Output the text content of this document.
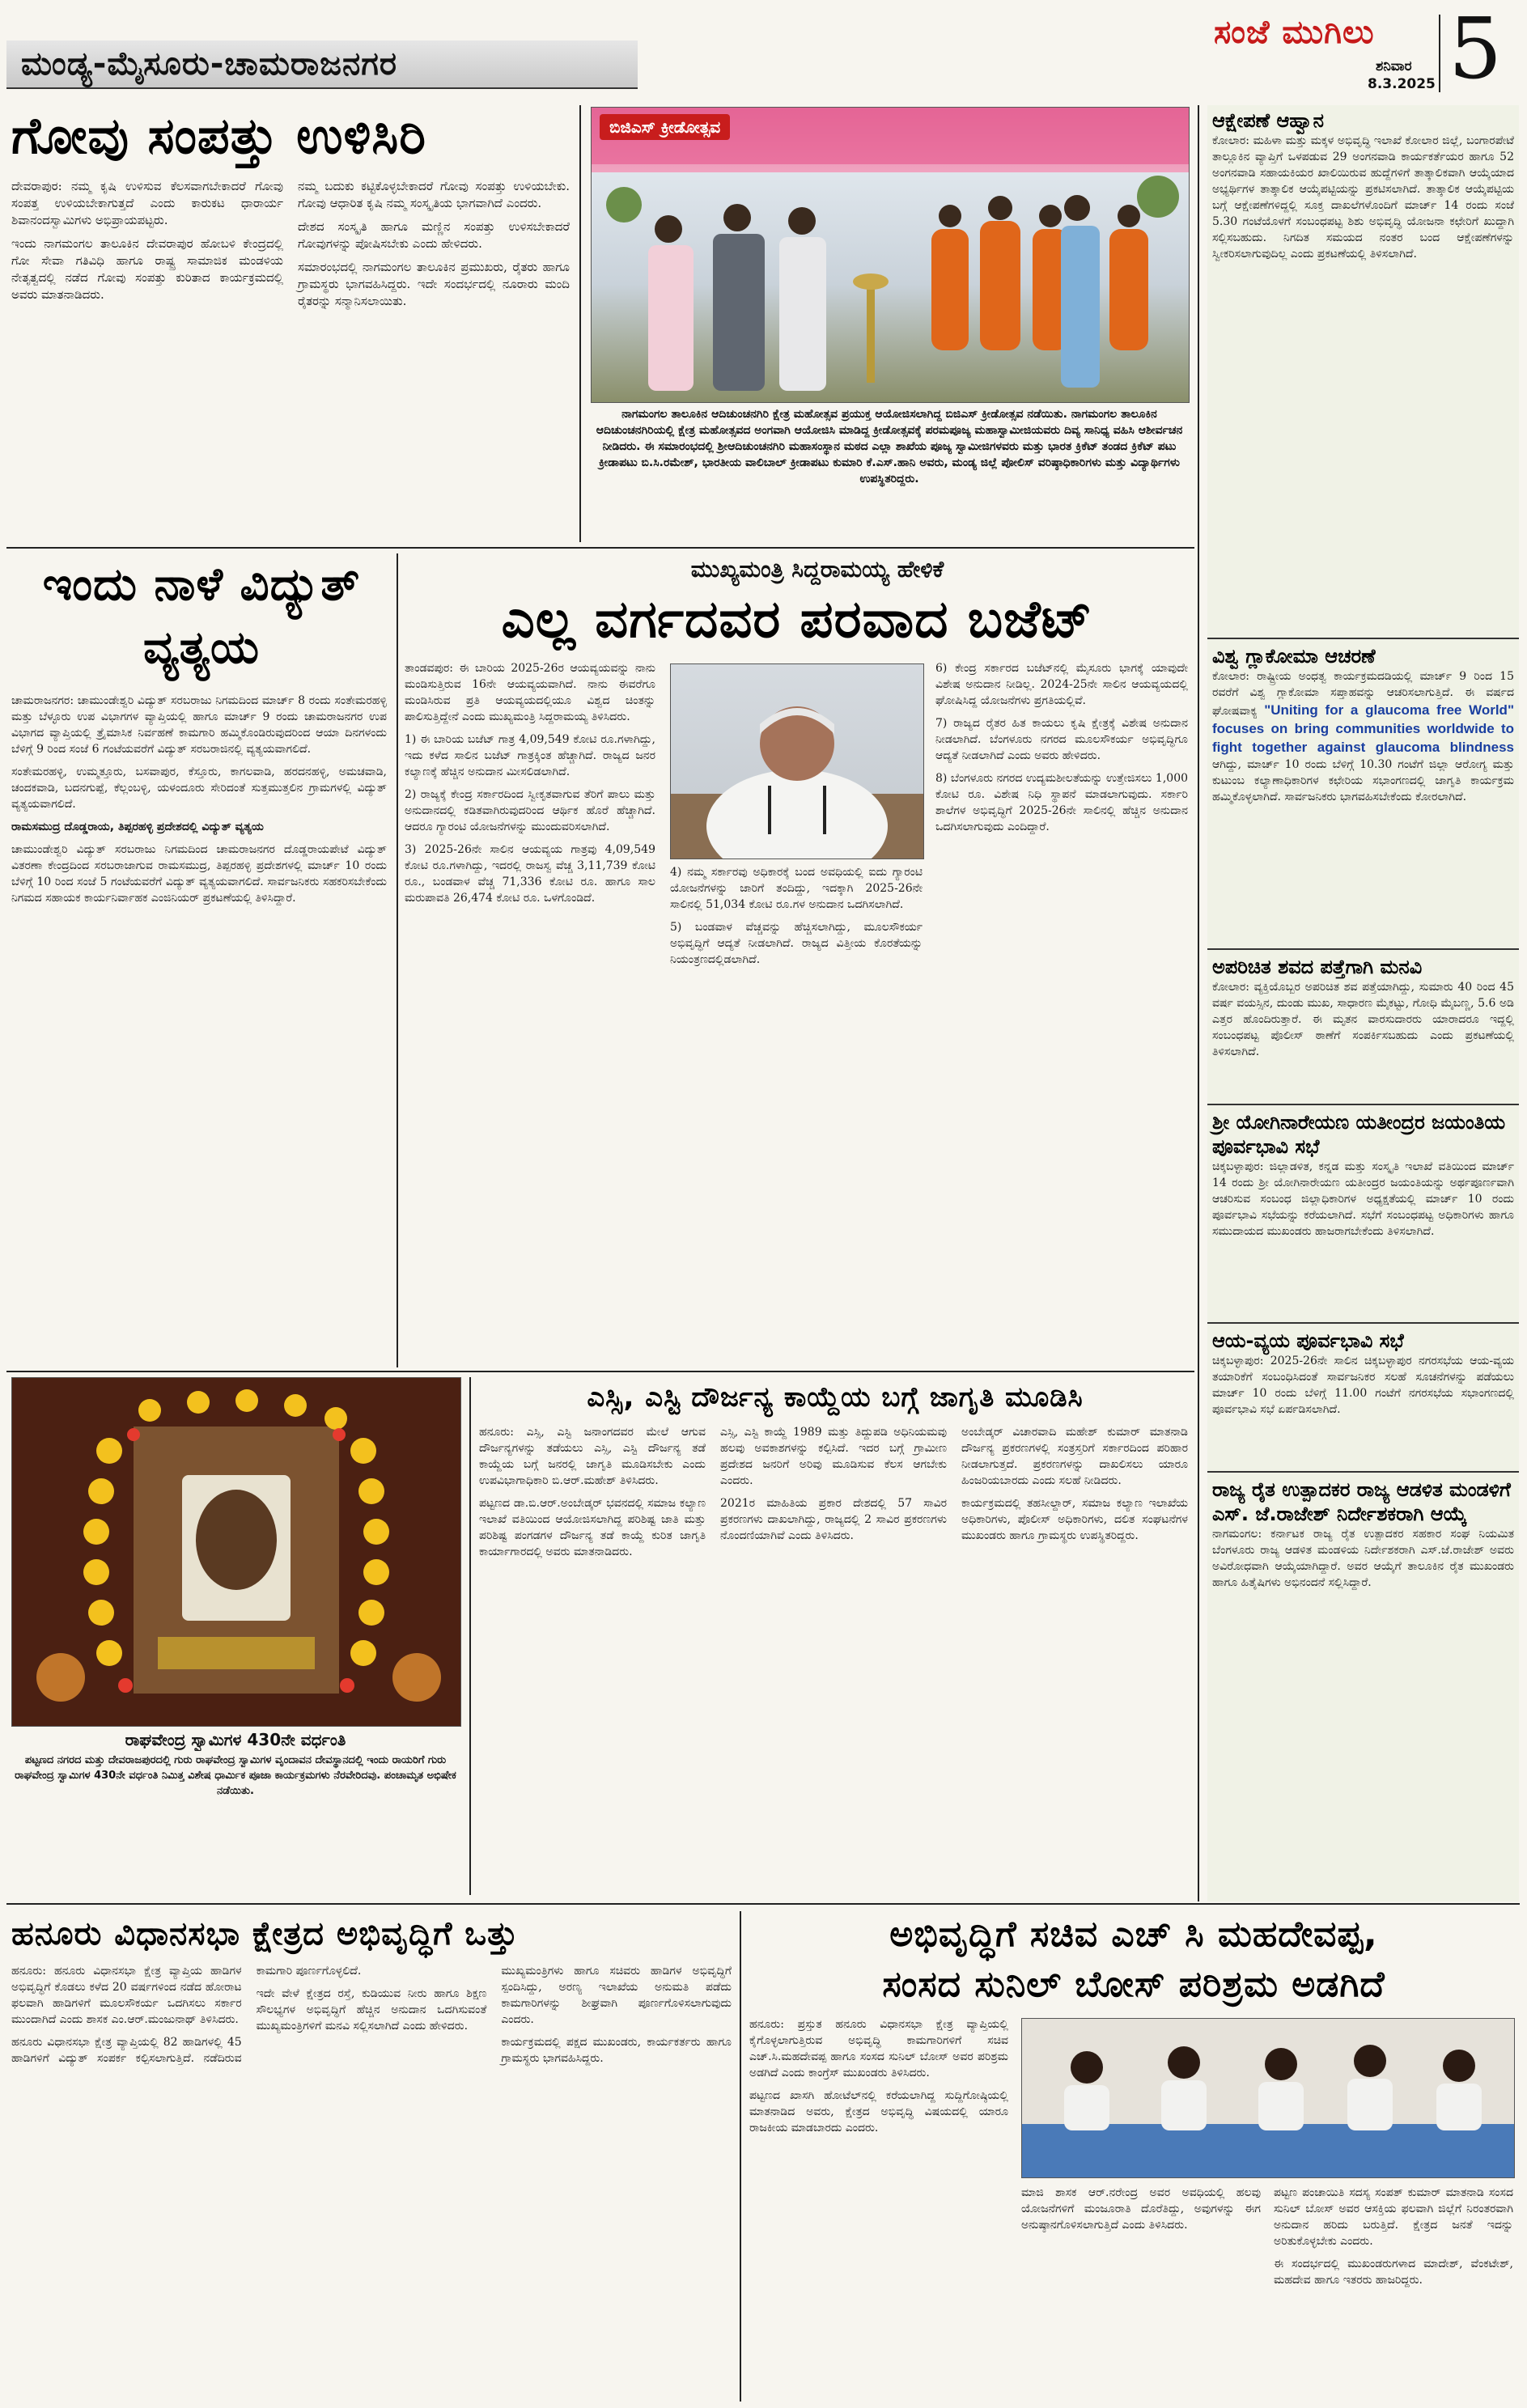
ಮಂಡ್ಯ-ಮೈಸೂರು-ಚಾಮರಾಜನಗರ
ಸಂಜೆ ಮುಗಿಲು
ಶನಿವಾರ
8.3.2025 5
ಗೋವು ಸಂಪತ್ತು ಉಳಿಸಿರಿ

ದೇವರಾಪುರ: ನಮ್ಮ ಕೃಷಿ ಉಳಿಸುವ ಕೆಲಸವಾಗಬೇಕಾದರೆ ಗೋವು ಸಂಪತ್ತ ಉಳಿಯಬೇಕಾಗುತ್ತದೆ ಎಂದು ಕಾರುಕಟ ಧಾರಾರ್ಯ ಶಿವಾನಂದಸ್ವಾಮಿಗಳು ಅಭಿಪ್ರಾಯಪಟ್ಟರು.

ಇಂದು ನಾಗಮಂಗಲ ತಾಲೂಕಿನ ದೇವರಾಪುರ ಹೋಬಳಿ ಕೇಂದ್ರದಲ್ಲಿ ಗೋ ಸೇವಾ ಗತಿವಿಧಿ ಹಾಗೂ ರಾಷ್ಟ್ರ ಸಾಮಾಜಿಕ ಮಂಡಳಿಯ ನೇತೃತ್ವದಲ್ಲಿ ನಡೆದ ಗೋವು ಸಂಪತ್ತು ಕುರಿತಾದ ಕಾರ್ಯಕ್ರಮದಲ್ಲಿ ಅವರು ಮಾತನಾಡಿದರು.

ನಮ್ಮ ಬದುಕು ಕಟ್ಟಿಕೊಳ್ಳಬೇಕಾದರೆ ಗೋವು ಸಂಪತ್ತು ಉಳಿಯಬೇಕು. ಗೋವು ಆಧಾರಿತ ಕೃಷಿ ನಮ್ಮ ಸಂಸ್ಕೃತಿಯ ಭಾಗವಾಗಿದೆ ಎಂದರು.

ದೇಶದ ಸಂಸ್ಕೃತಿ ಹಾಗೂ ಮಣ್ಣಿನ ಸಂಪತ್ತು ಉಳಿಸಬೇಕಾದರೆ ಗೋವುಗಳನ್ನು ಪೋಷಿಸಬೇಕು ಎಂದು ಹೇಳಿದರು.

ಸಮಾರಂಭದಲ್ಲಿ ನಾಗಮಂಗಲ ತಾಲೂಕಿನ ಪ್ರಮುಖರು, ರೈತರು ಹಾಗೂ ಗ್ರಾಮಸ್ಥರು ಭಾಗವಹಿಸಿದ್ದರು. ಇದೇ ಸಂದರ್ಭದಲ್ಲಿ ನೂರಾರು ಮಂದಿ ರೈತರನ್ನು ಸನ್ಮಾನಿಸಲಾಯಿತು.

ಬಿಜಿಎಸ್ ಕ್ರೀಡೋತ್ಸವ
ನಾಗಮಂಗಲ ತಾಲೂಕಿನ ಆದಿಚುಂಚನಗಿರಿ ಕ್ಷೇತ್ರ ಮಹೋತ್ಸವ ಪ್ರಯುಕ್ತ ಆಯೋಜಿಸಲಾಗಿದ್ದ ಬಿಜಿಎಸ್ ಕ್ರೀಡೋತ್ಸವ ನಡೆಯಿತು. ನಾಗಮಂಗಲ ತಾಲೂಕಿನ ಆದಿಚುಂಚನಗಿರಿಯಲ್ಲಿ ಕ್ಷೇತ್ರ ಮಹೋತ್ಸವದ ಅಂಗವಾಗಿ ಆಯೋಜಿಸಿ ಮಾಡಿದ್ದ ಕ್ರೀಡೋತ್ಸವಕ್ಕೆ ಪರಮಪೂಜ್ಯ ಮಹಾಸ್ವಾಮೀಜಿಯವರು ದಿವ್ಯ ಸಾನಿಧ್ಯ ವಹಿಸಿ ಆಶೀರ್ವಚನ ನೀಡಿದರು. ಈ ಸಮಾರಂಭದಲ್ಲಿ ಶ್ರೀಆದಿಚುಂಚನಗಿರಿ ಮಹಾಸಂಸ್ಥಾನ ಮಠದ ಎಲ್ಲಾ ಶಾಖೆಯ ಪೂಜ್ಯ ಸ್ವಾಮೀಜಿಗಳವರು ಮತ್ತು ಭಾರತ ಕ್ರಿಕೆಟ್ ತಂಡದ ಕ್ರಿಕೆಟ್ ಪಟು ಕ್ರೀಡಾಪಟು ಬಿ.ಸಿ.ರಮೇಶ್, ಭಾರತೀಯ ವಾಲಿಬಾಲ್ ಕ್ರೀಡಾಪಟು ಕುಮಾರಿ ಕೆ.ಎಸ್.ಹಾನಿ ಅವರು, ಮಂಡ್ಯ ಜಿಲ್ಲೆ ಪೋಲಿಸ್ ವರಿಷ್ಠಾಧಿಕಾರಿಗಳು ಮತ್ತು ವಿದ್ಯಾರ್ಥಿಗಳು ಉಪಸ್ಥಿತರಿದ್ದರು.
ಆಕ್ಷೇಪಣೆ ಆಹ್ವಾನ
ಕೋಲಾರ: ಮಹಿಳಾ ಮತ್ತು ಮಕ್ಕಳ ಅಭಿವೃದ್ಧಿ ಇಲಾಖೆ ಕೋಲಾರ ಜಿಲ್ಲೆ, ಬಂಗಾರಪೇಟೆ ತಾಲ್ಲೂಕಿನ ವ್ಯಾಪ್ತಿಗೆ ಒಳಪಡುವ 29 ಅಂಗನವಾಡಿ ಕಾರ್ಯಕರ್ತೆಯರ ಹಾಗೂ 52 ಅಂಗನವಾಡಿ ಸಹಾಯಕಿಯರ ಖಾಲಿಯಿರುವ ಹುದ್ದೆಗಳಿಗೆ ತಾತ್ಕಾಲಿಕವಾಗಿ ಆಯ್ಕೆಯಾದ ಅಭ್ಯರ್ಥಿಗಳ ತಾತ್ಕಾಲಿಕ ಆಯ್ಕೆಪಟ್ಟಿಯನ್ನು ಪ್ರಕಟಿಸಲಾಗಿದೆ. ತಾತ್ಕಾಲಿಕ ಆಯ್ಕೆಪಟ್ಟಿಯ ಬಗ್ಗೆ ಆಕ್ಷೇಪಣೆಗಳಿದ್ದಲ್ಲಿ ಸೂಕ್ತ ದಾಖಲೆಗಳೊಂದಿಗೆ ಮಾರ್ಚ್ 14 ರಂದು ಸಂಜೆ 5.30 ಗಂಟೆಯೊಳಗೆ ಸಂಬಂಧಪಟ್ಟ ಶಿಶು ಅಭಿವೃದ್ಧಿ ಯೋಜನಾ ಕಛೇರಿಗೆ ಖುದ್ದಾಗಿ ಸಲ್ಲಿಸಬಹುದು. ನಿಗದಿತ ಸಮಯದ ನಂತರ ಬಂದ ಆಕ್ಷೇಪಣೆಗಳನ್ನು ಸ್ವೀಕರಿಸಲಾಗುವುದಿಲ್ಲ ಎಂದು ಪ್ರಕಟಣೆಯಲ್ಲಿ ತಿಳಿಸಲಾಗಿದೆ.
ವಿಶ್ವ ಗ್ಲಾಕೋಮಾ ಆಚರಣೆ
ಕೋಲಾರ: ರಾಷ್ಟ್ರೀಯ ಅಂಧತ್ವ ಕಾರ್ಯಕ್ರಮದಡಿಯಲ್ಲಿ ಮಾರ್ಚ್ 9 ರಿಂದ 15 ರವರೆಗೆ ವಿಶ್ವ ಗ್ಲಾಕೋಮಾ ಸಪ್ತಾಹವನ್ನು ಆಚರಿಸಲಾಗುತ್ತಿದೆ. ಈ ವರ್ಷದ ಘೋಷವಾಕ್ಯ "Uniting for a glaucoma free World" focuses on bring communities worldwide to fight together against glaucoma blindness ಆಗಿದ್ದು, ಮಾರ್ಚ್ 10 ರಂದು ಬೆಳಿಗ್ಗೆ 10.30 ಗಂಟೆಗೆ ಜಿಲ್ಲಾ ಆರೋಗ್ಯ ಮತ್ತು ಕುಟುಂಬ ಕಲ್ಯಾಣಾಧಿಕಾರಿಗಳ ಕಛೇರಿಯ ಸಭಾಂಗಣದಲ್ಲಿ ಜಾಗೃತಿ ಕಾರ್ಯಕ್ರಮ ಹಮ್ಮಿಕೊಳ್ಳಲಾಗಿದೆ. ಸಾರ್ವಜನಿಕರು ಭಾಗವಹಿಸಬೇಕೆಂದು ಕೋರಲಾಗಿದೆ.
ಅಪರಿಚಿತ ಶವದ ಪತ್ತೆಗಾಗಿ ಮನವಿ
ಕೋಲಾರ: ವ್ಯಕ್ತಿಯೊಬ್ಬರ ಅಪರಿಚಿತ ಶವ ಪತ್ತೆಯಾಗಿದ್ದು, ಸುಮಾರು 40 ರಿಂದ 45 ವರ್ಷ ವಯಸ್ಸಿನ, ದುಂಡು ಮುಖ, ಸಾಧಾರಣ ಮೈಕಟ್ಟು, ಗೋಧಿ ಮೈಬಣ್ಣ, 5.6 ಅಡಿ ಎತ್ತರ ಹೊಂದಿರುತ್ತಾರೆ. ಈ ಮೃತನ ವಾರಸುದಾರರು ಯಾರಾದರೂ ಇದ್ದಲ್ಲಿ ಸಂಬಂಧಪಟ್ಟ ಪೊಲೀಸ್ ಠಾಣೆಗೆ ಸಂಪರ್ಕಿಸಬಹುದು ಎಂದು ಪ್ರಕಟಣೆಯಲ್ಲಿ ತಿಳಿಸಲಾಗಿದೆ.
ಶ್ರೀ ಯೋಗಿನಾರೇಯಣ ಯತೀಂದ್ರರ ಜಯಂತಿಯ ಪೂರ್ವಭಾವಿ ಸಭೆ
ಚಿಕ್ಕಬಳ್ಳಾಪುರ: ಜಿಲ್ಲಾಡಳಿತ, ಕನ್ನಡ ಮತ್ತು ಸಂಸ್ಕೃತಿ ಇಲಾಖೆ ವತಿಯಿಂದ ಮಾರ್ಚ್ 14 ರಂದು ಶ್ರೀ ಯೋಗಿನಾರೇಯಣ ಯತೀಂದ್ರರ ಜಯಂತಿಯನ್ನು ಅರ್ಥಪೂರ್ಣವಾಗಿ ಆಚರಿಸುವ ಸಂಬಂಧ ಜಿಲ್ಲಾಧಿಕಾರಿಗಳ ಅಧ್ಯಕ್ಷತೆಯಲ್ಲಿ ಮಾರ್ಚ್ 10 ರಂದು ಪೂರ್ವಭಾವಿ ಸಭೆಯನ್ನು ಕರೆಯಲಾಗಿದೆ. ಸಭೆಗೆ ಸಂಬಂಧಪಟ್ಟ ಅಧಿಕಾರಿಗಳು ಹಾಗೂ ಸಮುದಾಯದ ಮುಖಂಡರು ಹಾಜರಾಗಬೇಕೆಂದು ತಿಳಿಸಲಾಗಿದೆ.
ಆಯ-ವ್ಯಯ ಪೂರ್ವಭಾವಿ ಸಭೆ
ಚಿಕ್ಕಬಳ್ಳಾಪುರ: 2025-26ನೇ ಸಾಲಿನ ಚಿಕ್ಕಬಳ್ಳಾಪುರ ನಗರಸಭೆಯ ಆಯ-ವ್ಯಯ ತಯಾರಿಕೆಗೆ ಸಂಬಂಧಿಸಿದಂತೆ ಸಾರ್ವಜನಿಕರ ಸಲಹೆ ಸೂಚನೆಗಳನ್ನು ಪಡೆಯಲು ಮಾರ್ಚ್ 10 ರಂದು ಬೆಳಿಗ್ಗೆ 11.00 ಗಂಟೆಗೆ ನಗರಸಭೆಯ ಸಭಾಂಗಣದಲ್ಲಿ ಪೂರ್ವಭಾವಿ ಸಭೆ ಏರ್ಪಡಿಸಲಾಗಿದೆ.
ರಾಜ್ಯ ರೈತ ಉತ್ಪಾದಕರ ರಾಜ್ಯ ಆಡಳಿತ ಮಂಡಳಿಗೆ ಎಸ್. ಜೆ.ರಾಜೇಶ್ ನಿರ್ದೇಶಕರಾಗಿ ಆಯ್ಕೆ
ನಾಗಮಂಗಲ: ಕರ್ನಾಟಕ ರಾಜ್ಯ ರೈತ ಉತ್ಪಾದಕರ ಸಹಕಾರ ಸಂಘ ನಿಯಮಿತ ಬೆಂಗಳೂರು ರಾಜ್ಯ ಆಡಳಿತ ಮಂಡಳಿಯ ನಿರ್ದೇಶಕರಾಗಿ ಎಸ್.ಜೆ.ರಾಜೇಶ್ ಅವರು ಅವಿರೋಧವಾಗಿ ಆಯ್ಕೆಯಾಗಿದ್ದಾರೆ. ಅವರ ಆಯ್ಕೆಗೆ ತಾಲೂಕಿನ ರೈತ ಮುಖಂಡರು ಹಾಗೂ ಹಿತೈಷಿಗಳು ಅಭಿನಂದನೆ ಸಲ್ಲಿಸಿದ್ದಾರೆ.
ಇಂದು ನಾಳೆ ವಿದ್ಯುತ್ ವ್ಯತ್ಯಯ

ಚಾಮರಾಜನಗರ: ಚಾಮುಂಡೇಶ್ವರಿ ವಿದ್ಯುತ್ ಸರಬರಾಜು ನಿಗಮದಿಂದ ಮಾರ್ಚ್ 8 ರಂದು ಸಂತೇಮರಹಳ್ಳಿ ಮತ್ತು ಬೆಳ್ಳೂರು ಉಪ ವಿಭಾಗಗಳ ವ್ಯಾಪ್ತಿಯಲ್ಲಿ ಹಾಗೂ ಮಾರ್ಚ್ 9 ರಂದು ಚಾಮರಾಜನಗರ ಉಪ ವಿಭಾಗದ ವ್ಯಾಪ್ತಿಯಲ್ಲಿ ತ್ರೈಮಾಸಿಕ ನಿರ್ವಹಣೆ ಕಾಮಗಾರಿ ಹಮ್ಮಿಕೊಂಡಿರುವುದರಿಂದ ಆಯಾ ದಿನಗಳಂದು ಬೆಳಿಗ್ಗೆ 9 ರಿಂದ ಸಂಜೆ 6 ಗಂಟೆಯವರೆಗೆ ವಿದ್ಯುತ್ ಸರಬರಾಜಿನಲ್ಲಿ ವ್ಯತ್ಯಯವಾಗಲಿದೆ.

ಸಂತೇಮರಹಳ್ಳಿ, ಉಮ್ಮತ್ತೂರು, ಬಸವಾಪುರ, ಕೆಸ್ತೂರು, ಕಾಗಲವಾಡಿ, ಹರದನಹಳ್ಳಿ, ಅಮಚವಾಡಿ, ಚಂದಕವಾಡಿ, ಬದನಗುಪ್ಪೆ, ಕೆಲ್ಲಂಬಳ್ಳಿ, ಯಳಂದೂರು ಸೇರಿದಂತೆ ಸುತ್ತಮುತ್ತಲಿನ ಗ್ರಾಮಗಳಲ್ಲಿ ವಿದ್ಯುತ್ ವ್ಯತ್ಯಯವಾಗಲಿದೆ.

ರಾಮಸಮುದ್ರ ದೊಡ್ಡರಾಯ, ತಿಪ್ಪರಹಳ್ಳಿ ಪ್ರದೇಶದಲ್ಲಿ ವಿದ್ಯುತ್ ವ್ಯತ್ಯಯ

ಚಾಮುಂಡೇಶ್ವರಿ ವಿದ್ಯುತ್ ಸರಬರಾಜು ನಿಗಮದಿಂದ ಚಾಮರಾಜನಗರ ದೊಡ್ಡರಾಯಪೇಟೆ ವಿದ್ಯುತ್ ವಿತರಣಾ ಕೇಂದ್ರದಿಂದ ಸರಬರಾಜಾಗುವ ರಾಮಸಮುದ್ರ, ತಿಪ್ಪರಹಳ್ಳಿ ಪ್ರದೇಶಗಳಲ್ಲಿ ಮಾರ್ಚ್ 10 ರಂದು ಬೆಳಿಗ್ಗೆ 10 ರಿಂದ ಸಂಜೆ 5 ಗಂಟೆಯವರೆಗೆ ವಿದ್ಯುತ್ ವ್ಯತ್ಯಯವಾಗಲಿದೆ. ಸಾರ್ವಜನಿಕರು ಸಹಕರಿಸಬೇಕೆಂದು ನಿಗಮದ ಸಹಾಯಕ ಕಾರ್ಯನಿರ್ವಾಹಕ ಎಂಜಿನಿಯರ್ ಪ್ರಕಟಣೆಯಲ್ಲಿ ತಿಳಿಸಿದ್ದಾರೆ.

ಮುಖ್ಯಮಂತ್ರಿ ಸಿದ್ದರಾಮಯ್ಯ ಹೇಳಿಕೆ
ಎಲ್ಲ ವರ್ಗದವರ ಪರವಾದ ಬಜೆಟ್

ತಾಂಡವಪುರ: ಈ ಬಾರಿಯ 2025-26ರ ಆಯವ್ಯಯವನ್ನು ನಾನು ಮಂಡಿಸುತ್ತಿರುವ 16ನೇ ಆಯವ್ಯಯವಾಗಿದೆ. ನಾನು ಈವರೆಗೂ ಮಂಡಿಸಿರುವ ಪ್ರತಿ ಆಯವ್ಯಯದಲ್ಲಿಯೂ ವಿಶ್ವದ ಚಿಂತನ್ನು ಪಾಲಿಸುತ್ತಿದ್ದೇನೆ ಎಂದು ಮುಖ್ಯಮಂತ್ರಿ ಸಿದ್ದರಾಮಯ್ಯ ತಿಳಿಸಿದರು.

1) ಈ ಬಾರಿಯ ಬಜೆಟ್ ಗಾತ್ರ 4,09,549 ಕೋಟಿ ರೂ.ಗಳಾಗಿದ್ದು, ಇದು ಕಳೆದ ಸಾಲಿನ ಬಜೆಟ್ ಗಾತ್ರಕ್ಕಿಂತ ಹೆಚ್ಚಾಗಿದೆ. ರಾಜ್ಯದ ಜನರ ಕಲ್ಯಾಣಕ್ಕೆ ಹೆಚ್ಚಿನ ಅನುದಾನ ಮೀಸಲಿಡಲಾಗಿದೆ.

2) ರಾಜ್ಯಕ್ಕೆ ಕೇಂದ್ರ ಸರ್ಕಾರದಿಂದ ಸ್ವೀಕೃತವಾಗುವ ತೆರಿಗೆ ಪಾಲು ಮತ್ತು ಅನುದಾನದಲ್ಲಿ ಕಡಿತವಾಗಿರುವುದರಿಂದ ಆರ್ಥಿಕ ಹೊರೆ ಹೆಚ್ಚಾಗಿದೆ. ಆದರೂ ಗ್ಯಾರಂಟಿ ಯೋಜನೆಗಳನ್ನು ಮುಂದುವರಿಸಲಾಗಿದೆ.

3) 2025-26ನೇ ಸಾಲಿನ ಆಯವ್ಯಯ ಗಾತ್ರವು 4,09,549 ಕೋಟಿ ರೂ.ಗಳಾಗಿದ್ದು, ಇದರಲ್ಲಿ ರಾಜಸ್ವ ವೆಚ್ಚ 3,11,739 ಕೋಟಿ ರೂ., ಬಂಡವಾಳ ವೆಚ್ಚ 71,336 ಕೋಟಿ ರೂ. ಹಾಗೂ ಸಾಲ ಮರುಪಾವತಿ 26,474 ಕೋಟಿ ರೂ. ಒಳಗೊಂಡಿದೆ.

4) ನಮ್ಮ ಸರ್ಕಾರವು ಅಧಿಕಾರಕ್ಕೆ ಬಂದ ಅವಧಿಯಲ್ಲಿ ಐದು ಗ್ಯಾರಂಟಿ ಯೋಜನೆಗಳನ್ನು ಜಾರಿಗೆ ತಂದಿದ್ದು, ಇದಕ್ಕಾಗಿ 2025-26ನೇ ಸಾಲಿನಲ್ಲಿ 51,034 ಕೋಟಿ ರೂ.ಗಳ ಅನುದಾನ ಒದಗಿಸಲಾಗಿದೆ.

5) ಬಂಡವಾಳ ವೆಚ್ಚವನ್ನು ಹೆಚ್ಚಿಸಲಾಗಿದ್ದು, ಮೂಲಸೌಕರ್ಯ ಅಭಿವೃದ್ಧಿಗೆ ಆದ್ಯತೆ ನೀಡಲಾಗಿದೆ. ರಾಜ್ಯದ ವಿತ್ತೀಯ ಕೊರತೆಯನ್ನು ನಿಯಂತ್ರಣದಲ್ಲಿಡಲಾಗಿದೆ.

6) ಕೇಂದ್ರ ಸರ್ಕಾರದ ಬಜೆಟ್‌ನಲ್ಲಿ ಮೈಸೂರು ಭಾಗಕ್ಕೆ ಯಾವುದೇ ವಿಶೇಷ ಅನುದಾನ ನೀಡಿಲ್ಲ. 2024-25ನೇ ಸಾಲಿನ ಆಯವ್ಯಯದಲ್ಲಿ ಘೋಷಿಸಿದ್ದ ಯೋಜನೆಗಳು ಪ್ರಗತಿಯಲ್ಲಿವೆ.

7) ರಾಜ್ಯದ ರೈತರ ಹಿತ ಕಾಯಲು ಕೃಷಿ ಕ್ಷೇತ್ರಕ್ಕೆ ವಿಶೇಷ ಅನುದಾನ ನೀಡಲಾಗಿದೆ. ಬೆಂಗಳೂರು ನಗರದ ಮೂಲಸೌಕರ್ಯ ಅಭಿವೃದ್ಧಿಗೂ ಆದ್ಯತೆ ನೀಡಲಾಗಿದೆ ಎಂದು ಅವರು ಹೇಳಿದರು.

8) ಬೆಂಗಳೂರು ನಗರದ ಉದ್ಯಮಶೀಲತೆಯನ್ನು ಉತ್ತೇಜಿಸಲು 1,000 ಕೋಟಿ ರೂ. ವಿಶೇಷ ನಿಧಿ ಸ್ಥಾಪನೆ ಮಾಡಲಾಗುವುದು. ಸರ್ಕಾರಿ ಶಾಲೆಗಳ ಅಭಿವೃದ್ಧಿಗೆ 2025-26ನೇ ಸಾಲಿನಲ್ಲಿ ಹೆಚ್ಚಿನ ಅನುದಾನ ಒದಗಿಸಲಾಗುವುದು ಎಂದಿದ್ದಾರೆ.

ರಾಘವೇಂದ್ರ ಸ್ವಾಮಿಗಳ 430ನೇ ವರ್ಧಂತಿ
ಪಟ್ಟಣದ ನಗರದ ಮತ್ತು ದೇವರಾಜಪುರದಲ್ಲಿ ಗುರು ರಾಘವೇಂದ್ರ ಸ್ವಾಮಿಗಳ ವೃಂದಾವನ ದೇವಸ್ಥಾನದಲ್ಲಿ ಇಂದು ರಾಯರಿಗೆ ಗುರು ರಾಘವೇಂದ್ರ ಸ್ವಾಮಿಗಳ 430ನೇ ವರ್ಧಂತಿ ನಿಮಿತ್ತ ವಿಶೇಷ ಧಾರ್ಮಿಕ ಪೂಜಾ ಕಾರ್ಯಕ್ರಮಗಳು ನೆರವೇರಿದವು. ಪಂಚಾಮೃತ ಅಭಿಷೇಕ ನಡೆಯಿತು.
ಎಸ್ಸಿ, ಎಸ್ಟಿ ದೌರ್ಜನ್ಯ ಕಾಯ್ದೆಯ ಬಗ್ಗೆ ಜಾಗೃತಿ ಮೂಡಿಸಿ

ಹನೂರು: ಎಸ್ಸಿ, ಎಸ್ಟಿ ಜನಾಂಗದವರ ಮೇಲೆ ಆಗುವ ದೌರ್ಜನ್ಯಗಳನ್ನು ತಡೆಯಲು ಎಸ್ಸಿ, ಎಸ್ಟಿ ದೌರ್ಜನ್ಯ ತಡೆ ಕಾಯ್ದೆಯ ಬಗ್ಗೆ ಜನರಲ್ಲಿ ಜಾಗೃತಿ ಮೂಡಿಸಬೇಕು ಎಂದು ಉಪವಿಭಾಗಾಧಿಕಾರಿ ಬಿ.ಆರ್.ಮಹೇಶ್ ತಿಳಿಸಿದರು.

ಪಟ್ಟಣದ ಡಾ.ಬಿ.ಆರ್.ಅಂಬೇಡ್ಕರ್ ಭವನದಲ್ಲಿ ಸಮಾಜ ಕಲ್ಯಾಣ ಇಲಾಖೆ ವತಿಯಿಂದ ಆಯೋಜಿಸಲಾಗಿದ್ದ ಪರಿಶಿಷ್ಟ ಜಾತಿ ಮತ್ತು ಪರಿಶಿಷ್ಟ ಪಂಗಡಗಳ ದೌರ್ಜನ್ಯ ತಡೆ ಕಾಯ್ದೆ ಕುರಿತ ಜಾಗೃತಿ ಕಾರ್ಯಾಗಾರದಲ್ಲಿ ಅವರು ಮಾತನಾಡಿದರು.

ಎಸ್ಸಿ, ಎಸ್ಟಿ ಕಾಯ್ದೆ 1989 ಮತ್ತು ತಿದ್ದುಪಡಿ ಅಧಿನಿಯಮವು ಹಲವು ಅವಕಾಶಗಳನ್ನು ಕಲ್ಪಿಸಿದೆ. ಇದರ ಬಗ್ಗೆ ಗ್ರಾಮೀಣ ಪ್ರದೇಶದ ಜನರಿಗೆ ಅರಿವು ಮೂಡಿಸುವ ಕೆಲಸ ಆಗಬೇಕು ಎಂದರು.

2021ರ ಮಾಹಿತಿಯ ಪ್ರಕಾರ ದೇಶದಲ್ಲಿ 57 ಸಾವಿರ ಪ್ರಕರಣಗಳು ದಾಖಲಾಗಿದ್ದು, ರಾಜ್ಯದಲ್ಲಿ 2 ಸಾವಿರ ಪ್ರಕರಣಗಳು ನೊಂದಣಿಯಾಗಿವೆ ಎಂದು ತಿಳಿಸಿದರು.

ಅಂಬೇಡ್ಕರ್ ವಿಚಾರವಾದಿ ಮಹೇಶ್ ಕುಮಾರ್ ಮಾತನಾಡಿ ದೌರ್ಜನ್ಯ ಪ್ರಕರಣಗಳಲ್ಲಿ ಸಂತ್ರಸ್ತರಿಗೆ ಸರ್ಕಾರದಿಂದ ಪರಿಹಾರ ನೀಡಲಾಗುತ್ತದೆ. ಪ್ರಕರಣಗಳನ್ನು ದಾಖಲಿಸಲು ಯಾರೂ ಹಿಂಜರಿಯಬಾರದು ಎಂದು ಸಲಹೆ ನೀಡಿದರು.

ಕಾರ್ಯಕ್ರಮದಲ್ಲಿ ತಹಸೀಲ್ದಾರ್, ಸಮಾಜ ಕಲ್ಯಾಣ ಇಲಾಖೆಯ ಅಧಿಕಾರಿಗಳು, ಪೊಲೀಸ್ ಅಧಿಕಾರಿಗಳು, ದಲಿತ ಸಂಘಟನೆಗಳ ಮುಖಂಡರು ಹಾಗೂ ಗ್ರಾಮಸ್ಥರು ಉಪಸ್ಥಿತರಿದ್ದರು.

ಹನೂರು ವಿಧಾನಸಭಾ ಕ್ಷೇತ್ರದ ಅಭಿವೃದ್ಧಿಗೆ ಒತ್ತು

ಹನೂರು: ಹನೂರು ವಿಧಾನಸಭಾ ಕ್ಷೇತ್ರ ವ್ಯಾಪ್ತಿಯ ಹಾಡಿಗಳ ಅಭಿವೃದ್ಧಿಗೆ ಕೊಡಲು ಕಳೆದ 20 ವರ್ಷಗಳಿಂದ ನಡೆದ ಹೋರಾಟ ಫಲವಾಗಿ ಹಾಡಿಗಳಿಗೆ ಮೂಲಸೌಕರ್ಯ ಒದಗಿಸಲು ಸರ್ಕಾರ ಮುಂದಾಗಿದೆ ಎಂದು ಶಾಸಕ ಎಂ.ಆರ್.ಮಂಜುನಾಥ್ ತಿಳಿಸಿದರು.

ಹನೂರು ವಿಧಾನಸಭಾ ಕ್ಷೇತ್ರ ವ್ಯಾಪ್ತಿಯಲ್ಲಿ 82 ಹಾಡಿಗಳಲ್ಲಿ 45 ಹಾಡಿಗಳಿಗೆ ವಿದ್ಯುತ್ ಸಂಪರ್ಕ ಕಲ್ಪಿಸಲಾಗುತ್ತಿದೆ. ನಡೆದಿರುವ ಕಾಮಗಾರಿ ಪೂರ್ಣಗೊಳ್ಳಲಿದೆ.

ಇದೇ ವೇಳೆ ಕ್ಷೇತ್ರದ ರಸ್ತೆ, ಕುಡಿಯುವ ನೀರು ಹಾಗೂ ಶಿಕ್ಷಣ ಸೌಲಭ್ಯಗಳ ಅಭಿವೃದ್ಧಿಗೆ ಹೆಚ್ಚಿನ ಅನುದಾನ ಒದಗಿಸುವಂತೆ ಮುಖ್ಯಮಂತ್ರಿಗಳಿಗೆ ಮನವಿ ಸಲ್ಲಿಸಲಾಗಿದೆ ಎಂದು ಹೇಳಿದರು.

ಮುಖ್ಯಮಂತ್ರಿಗಳು ಹಾಗೂ ಸಚಿವರು ಹಾಡಿಗಳ ಅಭಿವೃದ್ಧಿಗೆ ಸ್ಪಂದಿಸಿದ್ದು, ಅರಣ್ಯ ಇಲಾಖೆಯ ಅನುಮತಿ ಪಡೆದು ಕಾಮಗಾರಿಗಳನ್ನು ಶೀಘ್ರವಾಗಿ ಪೂರ್ಣಗೊಳಿಸಲಾಗುವುದು ಎಂದರು.

ಕಾರ್ಯಕ್ರಮದಲ್ಲಿ ಪಕ್ಷದ ಮುಖಂಡರು, ಕಾರ್ಯಕರ್ತರು ಹಾಗೂ ಗ್ರಾಮಸ್ಥರು ಭಾಗವಹಿಸಿದ್ದರು.

ಅಭಿವೃದ್ಧಿಗೆ ಸಚಿವ ಎಚ್ ಸಿ ಮಹದೇವಪ್ಪ,
ಸಂಸದ ಸುನಿಲ್ ಬೋಸ್ ಪರಿಶ್ರಮ ಅಡಗಿದೆ

ಹನೂರು: ಪ್ರಸ್ತುತ ಹನೂರು ವಿಧಾನಸಭಾ ಕ್ಷೇತ್ರ ವ್ಯಾಪ್ತಿಯಲ್ಲಿ ಕೈಗೊಳ್ಳಲಾಗುತ್ತಿರುವ ಅಭಿವೃದ್ಧಿ ಕಾಮಗಾರಿಗಳಿಗೆ ಸಚಿವ ಎಚ್.ಸಿ.ಮಹದೇವಪ್ಪ ಹಾಗೂ ಸಂಸದ ಸುನಿಲ್ ಬೋಸ್ ಅವರ ಪರಿಶ್ರಮ ಅಡಗಿದೆ ಎಂದು ಕಾಂಗ್ರೆಸ್ ಮುಖಂಡರು ತಿಳಿಸಿದರು.

ಪಟ್ಟಣದ ಖಾಸಗಿ ಹೋಟೆಲ್‌ನಲ್ಲಿ ಕರೆಯಲಾಗಿದ್ದ ಸುದ್ದಿಗೋಷ್ಠಿಯಲ್ಲಿ ಮಾತನಾಡಿದ ಅವರು, ಕ್ಷೇತ್ರದ ಅಭಿವೃದ್ಧಿ ವಿಷಯದಲ್ಲಿ ಯಾರೂ ರಾಜಕೀಯ ಮಾಡಬಾರದು ಎಂದರು.

ಮಾಜಿ ಶಾಸಕ ಆರ್.ನರೇಂದ್ರ ಅವರ ಅವಧಿಯಲ್ಲಿ ಹಲವು ಯೋಜನೆಗಳಿಗೆ ಮಂಜೂರಾತಿ ದೊರೆತಿದ್ದು, ಅವುಗಳನ್ನು ಈಗ ಅನುಷ್ಠಾನಗೊಳಿಸಲಾಗುತ್ತಿದೆ ಎಂದು ತಿಳಿಸಿದರು.

ಪಟ್ಟಣ ಪಂಚಾಯಿತಿ ಸದಸ್ಯ ಸಂಪತ್ ಕುಮಾರ್ ಮಾತನಾಡಿ ಸಂಸದ ಸುನಿಲ್ ಬೋಸ್ ಅವರ ಆಸಕ್ತಿಯ ಫಲವಾಗಿ ಜಿಲ್ಲೆಗೆ ನಿರಂತರವಾಗಿ ಅನುದಾನ ಹರಿದು ಬರುತ್ತಿದೆ. ಕ್ಷೇತ್ರದ ಜನತೆ ಇದನ್ನು ಅರಿತುಕೊಳ್ಳಬೇಕು ಎಂದರು.

ಈ ಸಂದರ್ಭದಲ್ಲಿ ಮುಖಂಡರುಗಳಾದ ಮಾದೇಶ್, ವೆಂಕಟೇಶ್, ಮಹದೇವ ಹಾಗೂ ಇತರರು ಹಾಜರಿದ್ದರು.
